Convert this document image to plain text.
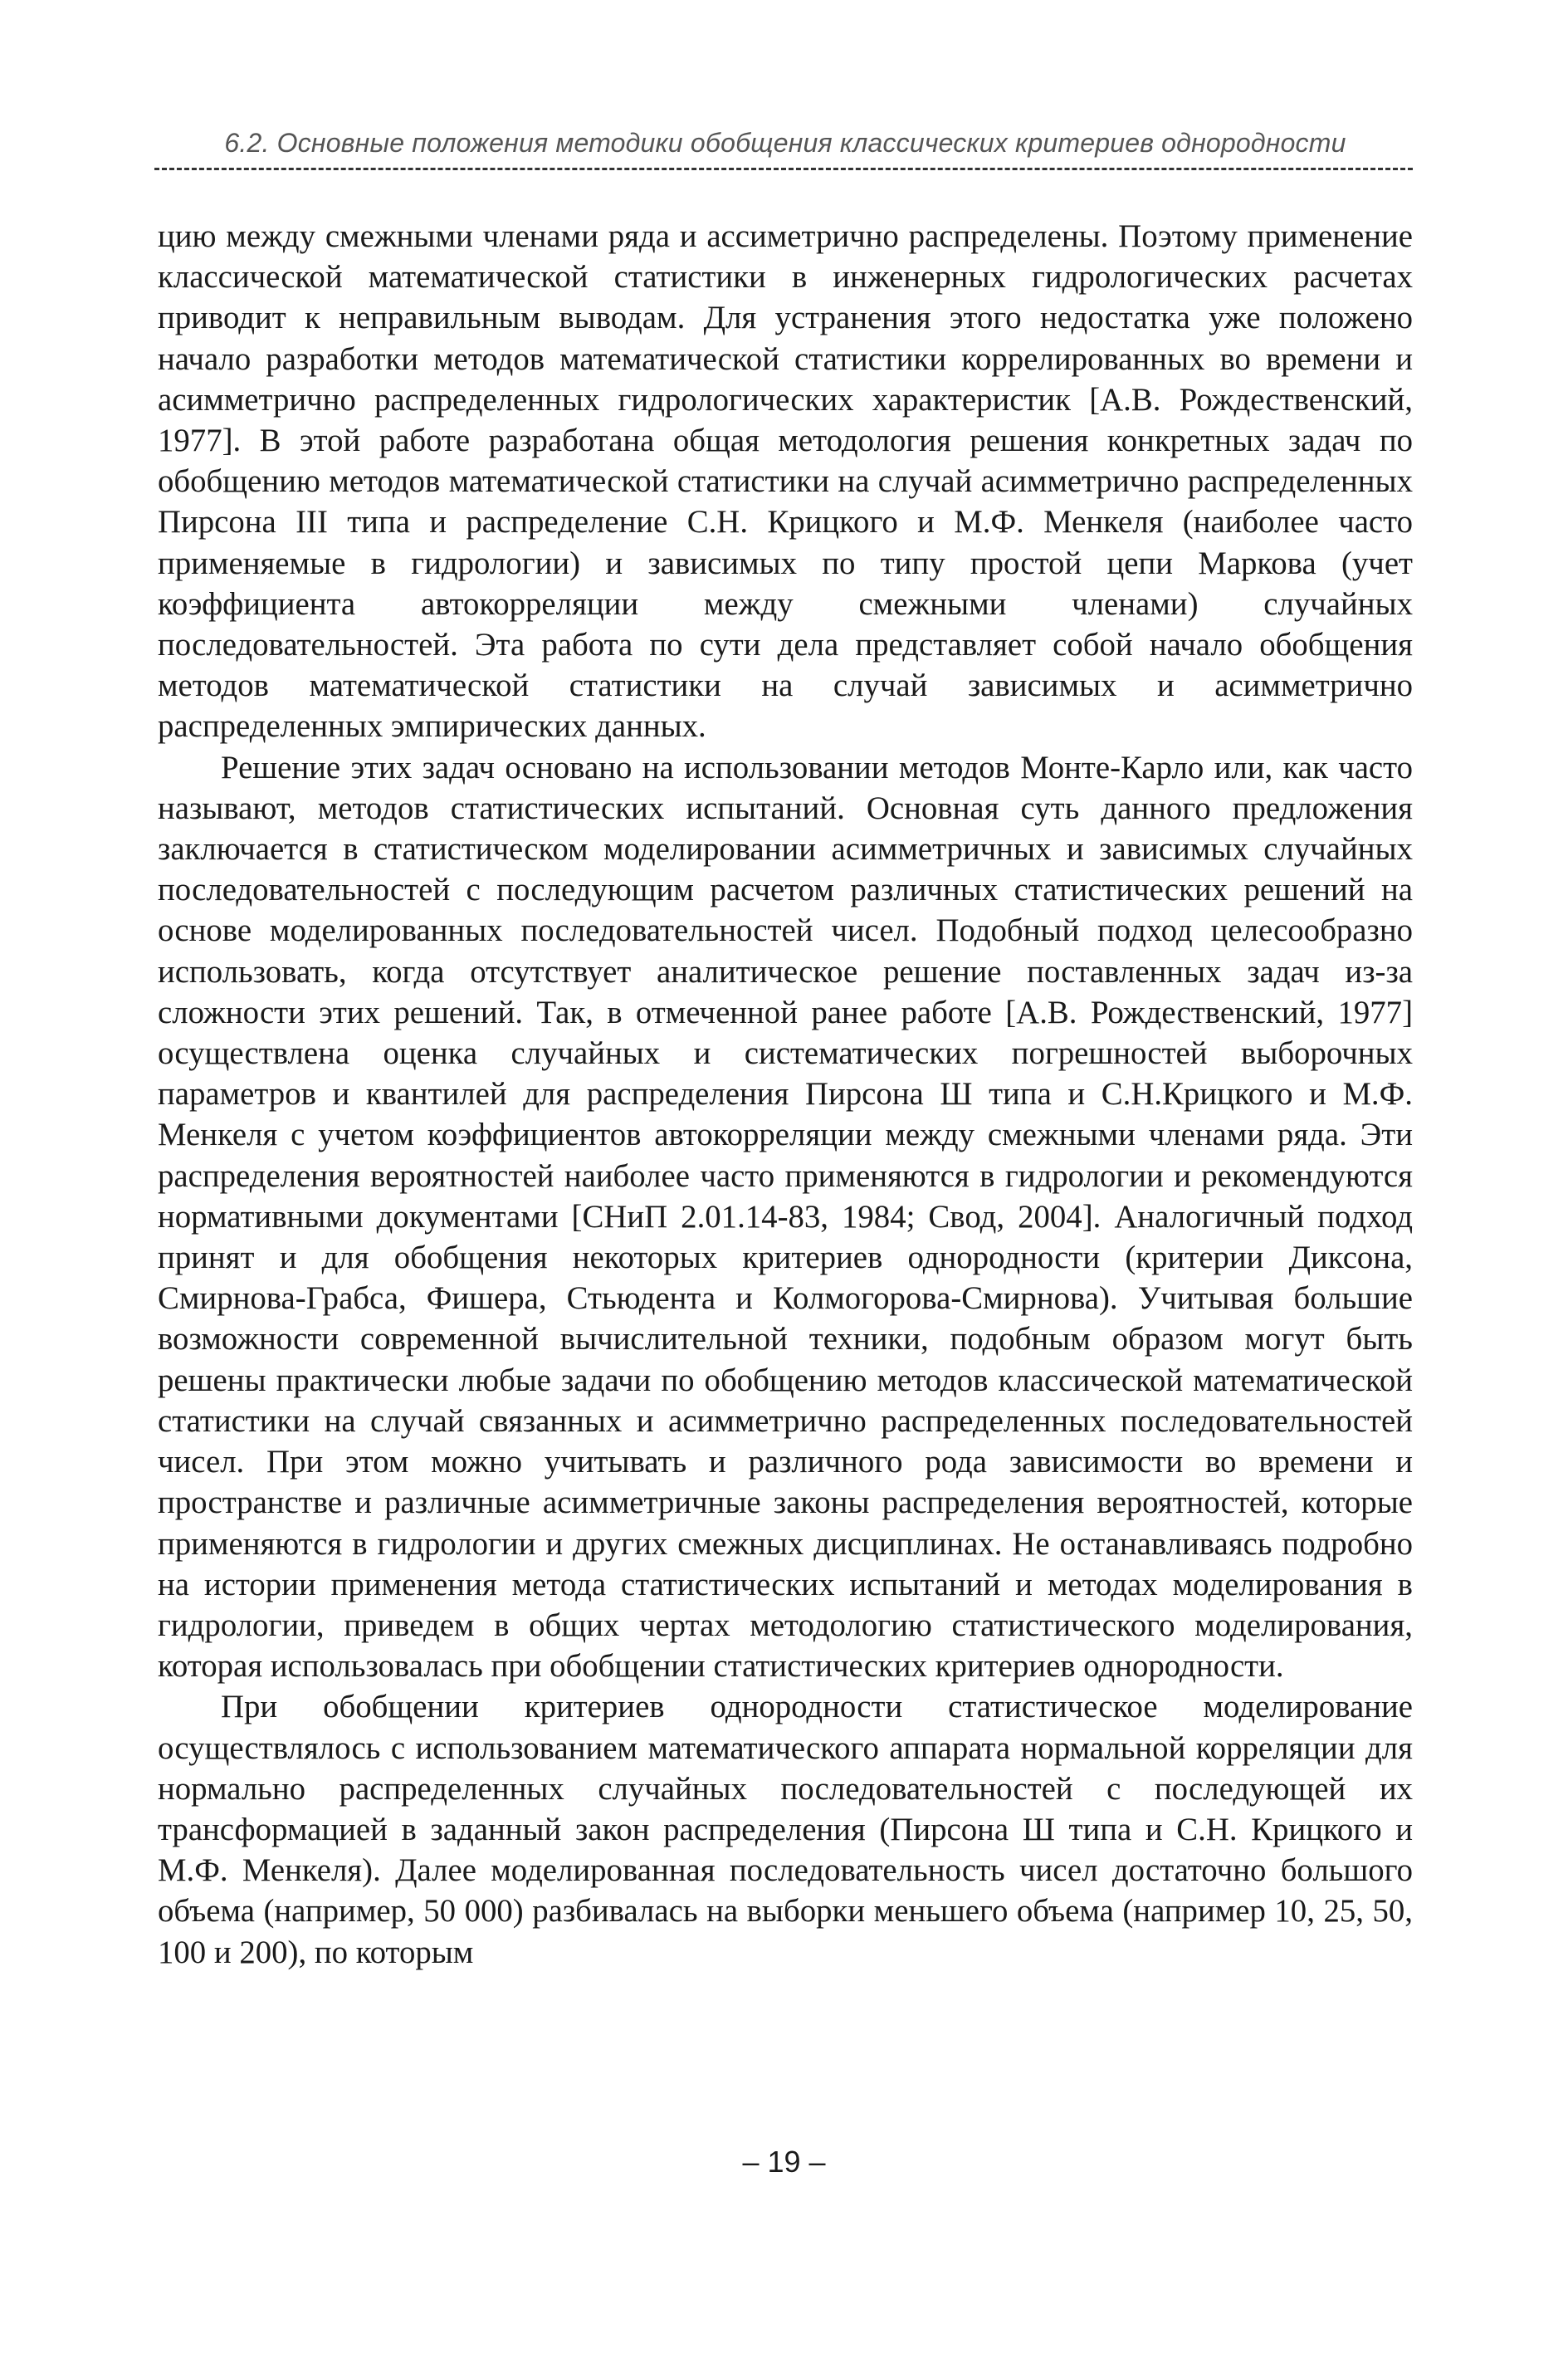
6.2. Основные положения методики обобщения классических критериев однородности

цию между смежными членами ряда и ассиметрично распределены. Поэтому применение классической математической статистики в инженерных гидрологических расчетах приводит к неправильным выводам. Для устранения этого недостатка уже положено начало разработки методов математической статистики коррелированных во времени и асимметрично распределенных гидрологических характеристик [А.В. Рождественский, 1977]. В этой работе разработана общая методология решения конкретных задач по обобщению методов математической статистики на случай асимметрично распределенных Пирсона III типа и распределение С.Н. Крицкого и М.Ф. Менкеля (наиболее часто применяемые в гидрологии) и зависимых по типу простой цепи Маркова (учет коэффициента автокорреляции между смежными членами) случайных последовательностей. Эта работа по сути дела представляет собой начало обобщения методов математической статистики на случай зависимых и асимметрично распределенных эмпирических данных.

Решение этих задач основано на использовании методов Монте-Карло или, как часто называют, методов статистических испытаний. Основная суть данного предложения заключается в статистическом моделировании асимметричных и зависимых случайных последовательностей с последующим расчетом различных статистических решений на основе моделированных последовательностей чисел. Подобный подход целесообразно использовать, когда отсутствует аналитическое решение поставленных задач из-за сложности этих решений. Так, в отмеченной ранее работе [А.В. Рождественский, 1977] осуществлена оценка случайных и систематических погрешностей выборочных параметров и квантилей для распределения Пирсона Ш типа и С.Н.Крицкого и М.Ф. Менкеля с учетом коэффициентов автокорреляции между смежными членами ряда. Эти распределения вероятностей наиболее часто применяются в гидрологии и рекомендуются нормативными документами [СНиП 2.01.14-83, 1984; Свод, 2004]. Аналогичный подход принят и для обобщения некоторых критериев однородности (критерии Диксона, Смирнова-Грабса, Фишера, Стьюдента и Колмогорова-Смирнова). Учитывая большие возможности современной вычислительной техники, подобным образом могут быть решены практически любые задачи по обобщению методов классической математической статистики на случай связанных и асимметрично распределенных последовательностей чисел. При этом можно учитывать и различного рода зависимости во времени и пространстве и различные асимметричные законы распределения вероятностей, которые применяются в гидрологии и других смежных дисциплинах. Не останавливаясь подробно на истории применения метода статистических испытаний и методах моделирования в гидрологии, приведем в общих чертах методологию статистического моделирования, которая использовалась при обобщении статистических критериев однородности.

При обобщении критериев однородности статистическое моделирование осуществлялось с использованием математического аппарата нормальной корреляции для нормально распределенных случайных последовательностей с последующей их трансформацией в заданный закон распределения (Пирсона Ш типа и С.Н. Крицкого и М.Ф. Менкеля). Далее моделированная последовательность чисел достаточно большого объема (например, 50 000) разбивалась на выборки меньшего объема (например 10, 25, 50, 100 и 200), по которым

– 19 –
